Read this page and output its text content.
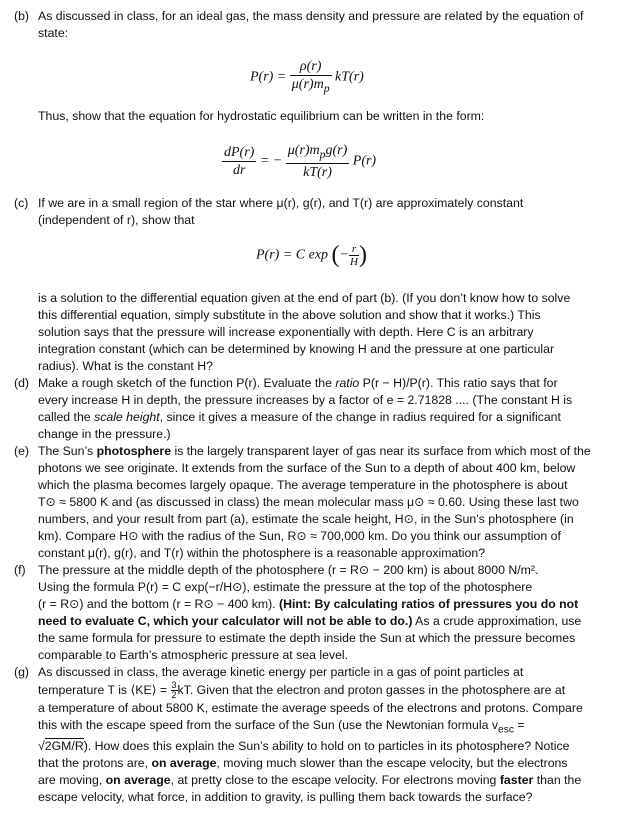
(b) As discussed in class, for an ideal gas, the mass density and pressure are related by the equation of
state:
$P(r) = \frac{\rho(r)}{\mu(r)m_p} kT(r)$
Thus, show that the equation for hydrostatic equilibrium can be written in the form:
$\frac{dP(r)}{dr}$ = − $\frac{\mu(r)m_pg(r)}{kT(r)} P(r)$
(c) If we are in a small region of the star where μ(r), g(r), and T(r) are approximately constant
(independent of r), show that
P(r) = C exp (− $\frac{r}{H}$ )
is a solution to the differential equation given at the end of part (b). (If you don’t know how to solve
this differential equation, simply substitute in the above solution and show that it works.) This
solution says that the pressure will increase exponentially with depth. Here C is an arbitrary
integration constant (which can be determined by knowing H and the pressure at one particular
radius). What is the constant H?
(d) Make a rough sketch of the function P(r). Evaluate the ratio P(r − H)/P(r). This ratio says that for
every increase H in depth, the pressure increases by a factor of e = 2.71828 .... (The constant H is
called the scale height, since it gives a measure of the change in radius required for a significant
change in the pressure.)
(e) The Sun’s photosphere is the largely transparent layer of gas near its surface from which most of the
photons we see originate. It extends from the surface of the Sun to a depth of about 400 km, below
which the plasma becomes largely opaque. The average temperature in the photosphere is about
T⊙ ≈ 5800 K and (as discussed in class) the mean molecular mass μ⊙ ≈ 0.60. Using these last two
numbers, and your result from part (a), estimate the scale height, H⊙, in the Sun’s photosphere (in
km). Compare H⊙ with the radius of the Sun, R⊙ ≈ 700,000 km. Do you think our assumption of
constant μ(r), g(r), and T(r) within the photosphere is a reasonable approximation?
(f)	The pressure at the middle depth of the photosphere (r = R⊙ − 200 km) is about 8000 N/m².
Using the formula P(r) = C exp(−r/H⊙), estimate the pressure at the top of the photosphere
(r = R⊙) and the bottom (r = R⊙ − 400 km). (Hint: By calculating ratios of pressures you do not
need to evaluate C, which your calculator will not be able to do.) As a crude approximation, use
the same formula for pressure to estimate the depth inside the Sun at which the pressure becomes
comparable to Earth’s atmospheric pressure at sea level.
(g) As discussed in class, the average kinetic energy per particle in a gas of point particles at
temperature T is ⟨KE⟩ = $\frac{3}{2}$ kT. Given that the electron and proton gasses in the photosphere are at
a temperature of about 5800 K, estimate the average speeds of the electrons and protons. Compare
this with the escape speed from the surface of the Sun (use the Newtonian formula $v_{esc}$ =
√2GM/R). How does this explain the Sun’s ability to hold on to particles in its photosphere? Notice
that the protons are, on average, moving much slower than the escape velocity, but the electrons
are moving, on average, at pretty close to the escape velocity. For electrons moving faster than the
escape velocity, what force, in addition to gravity, is pulling them back towards the surface?
